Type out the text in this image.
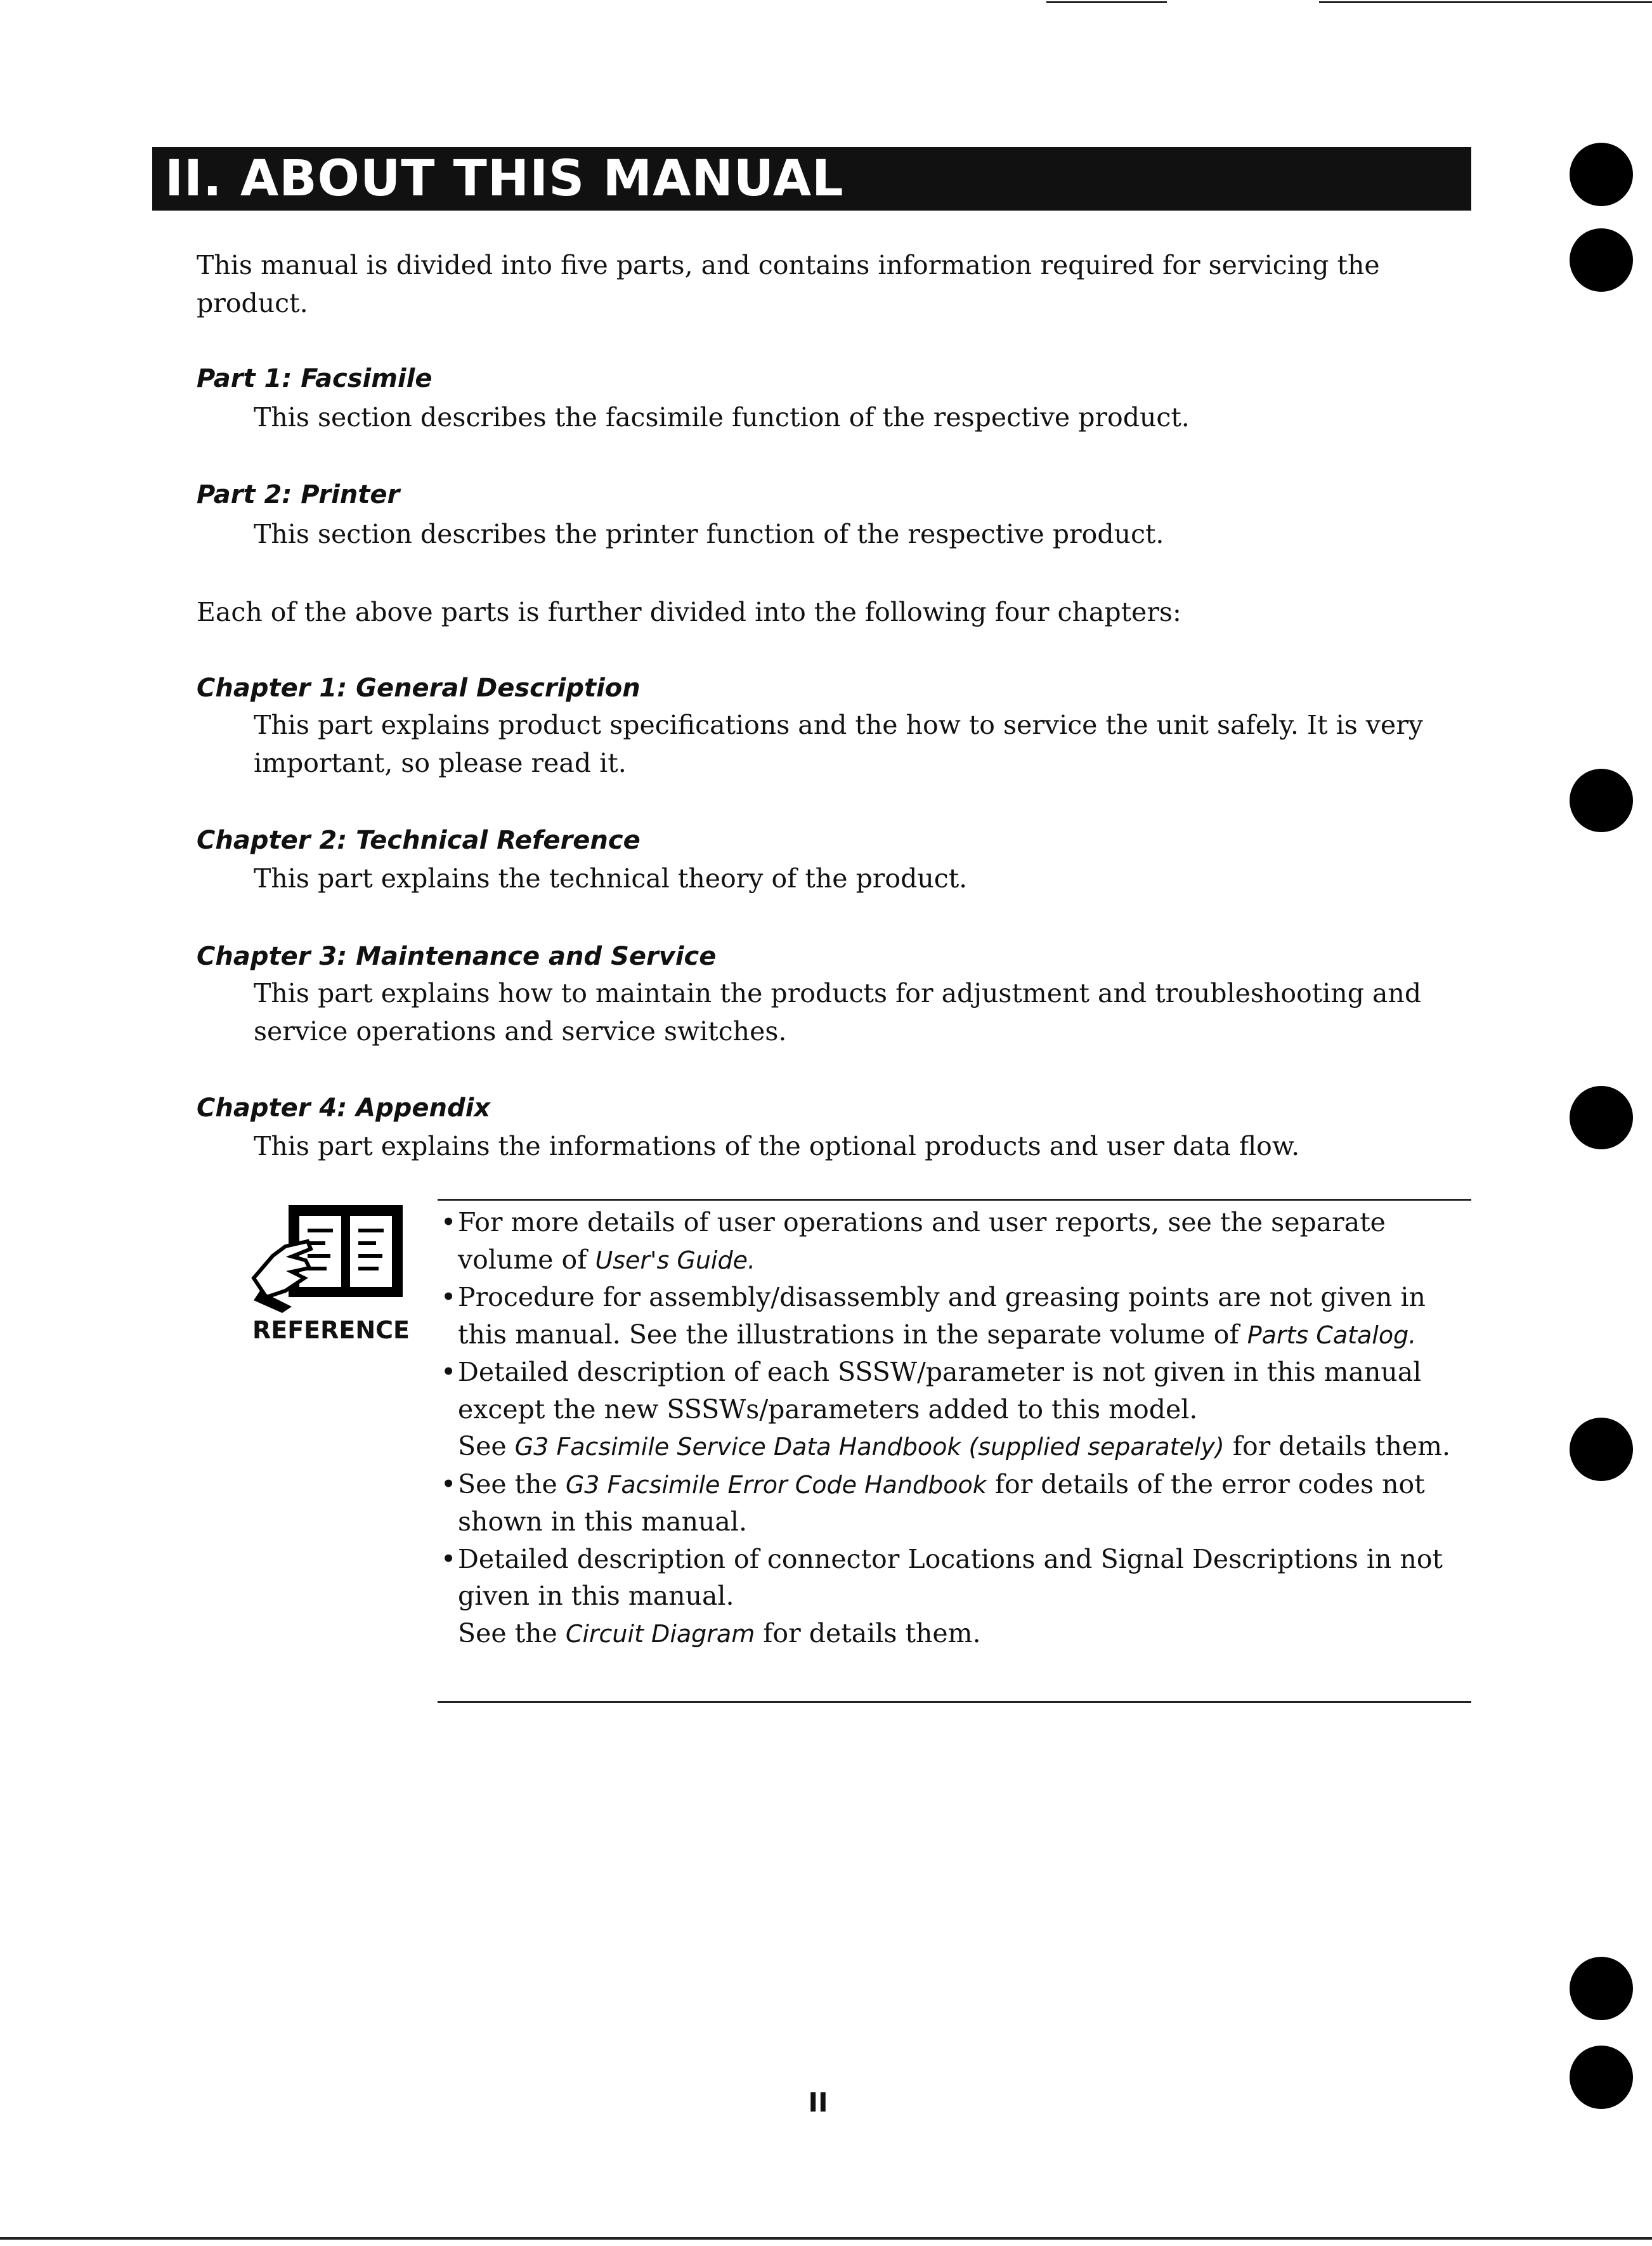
II. ABOUT THIS MANUAL
This manual is divided into five parts, and contains information required for servicing the product.
Part 1: Facsimile
This section describes the facsimile function of the respective product.
Part 2: Printer
This section describes the printer function of the respective product.
Each of the above parts is further divided into the following four chapters:
Chapter 1: General Description
This part explains product specifications and the how to service the unit safely. It is very important, so please read it.
Chapter 2: Technical Reference
This part explains the technical theory of the product.
Chapter 3: Maintenance and Service
This part explains how to maintain the products for adjustment and troubleshooting and service operations and service switches.
Chapter 4: Appendix
This part explains the informations of the optional products and user data flow.
REFERENCE
• For more details of user operations and user reports, see the separate volume of User's Guide.
• Procedure for assembly/disassembly and greasing points are not given in this manual. See the illustrations in the separate volume of Parts Catalog.
• Detailed description of each SSSW/parameter is not given in this manual except the new SSSWs/parameters added to this model.
See G3 Facsimile Service Data Handbook (supplied separately) for details them.
• See the G3 Facsimile Error Code Handbook for details of the error codes not shown in this manual.
• Detailed description of connector Locations and Signal Descriptions in not given in this manual.
See the Circuit Diagram for details them.
II
